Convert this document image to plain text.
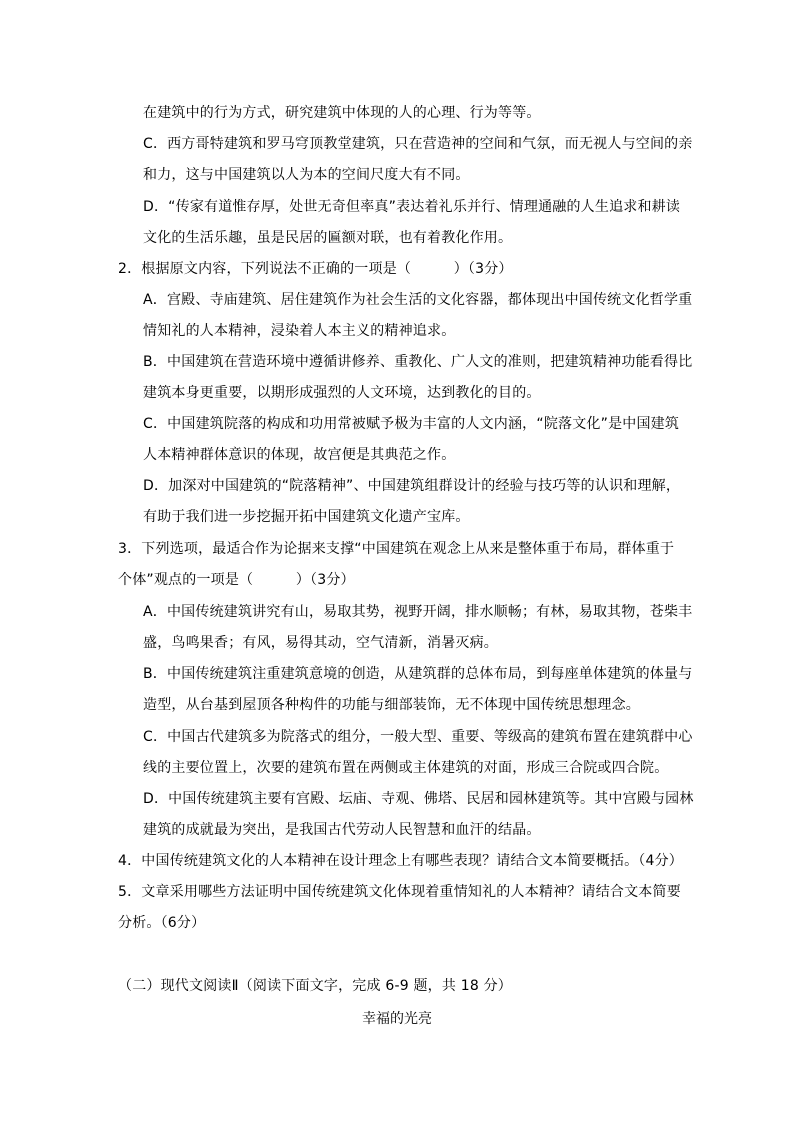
在建筑中的行为方式，研究建筑中体现的人的心理、行为等等。
C．西方哥特建筑和罗马穹顶教堂建筑，只在营造神的空间和气氛，而无视人与空间的亲
和力，这与中国建筑以人为本的空间尺度大有不同。
D．“传家有道惟存厚，处世无奇但率真”表达着礼乐并行、情理通融的人生追求和耕读
文化的生活乐趣，虽是民居的匾额对联，也有着教化作用。
2．根据原文内容，下列说法不正确的一项是（　　　）（3分）
A．宫殿、寺庙建筑、居住建筑作为社会生活的文化容器，都体现出中国传统文化哲学重
情知礼的人本精神，浸染着人本主义的精神追求。
B．中国建筑在营造环境中遵循讲修养、重教化、广人文的准则，把建筑精神功能看得比
建筑本身更重要，以期形成强烈的人文环境，达到教化的目的。
C．中国建筑院落的构成和功用常被赋予极为丰富的人文内涵，“院落文化”是中国建筑
人本精神群体意识的体现，故宫便是其典范之作。
D．加深对中国建筑的“院落精神”、中国建筑组群设计的经验与技巧等的认识和理解，
有助于我们进一步挖掘开拓中国建筑文化遗产宝库。
3．下列选项，最适合作为论据来支撑“中国建筑在观念上从来是整体重于布局，群体重于
个体”观点的一项是（　　　）（3分）
A．中国传统建筑讲究有山，易取其势，视野开阔，排水顺畅；有林，易取其物，苍柴丰
盛，鸟鸣果香；有风，易得其动，空气清新，消暑灭病。
B．中国传统建筑注重建筑意境的创造，从建筑群的总体布局，到每座单体建筑的体量与
造型，从台基到屋顶各种构件的功能与细部装饰，无不体现中国传统思想理念。
C．中国古代建筑多为院落式的组分，一般大型、重要、等级高的建筑布置在建筑群中心
线的主要位置上，次要的建筑布置在两侧或主体建筑的对面，形成三合院或四合院。
D．中国传统建筑主要有宫殿、坛庙、寺观、佛塔、民居和园林建筑等。其中宫殿与园林
建筑的成就最为突出，是我国古代劳动人民智慧和血汗的结晶。
4．中国传统建筑文化的人本精神在设计理念上有哪些表现？请结合文本简要概括。（4分）
5．文章采用哪些方法证明中国传统建筑文化体现着重情知礼的人本精神？请结合文本简要
分析。（6分）
（二）现代文阅读Ⅱ（阅读下面文字，完成 6-9 题，共 18 分）
幸福的光亮
